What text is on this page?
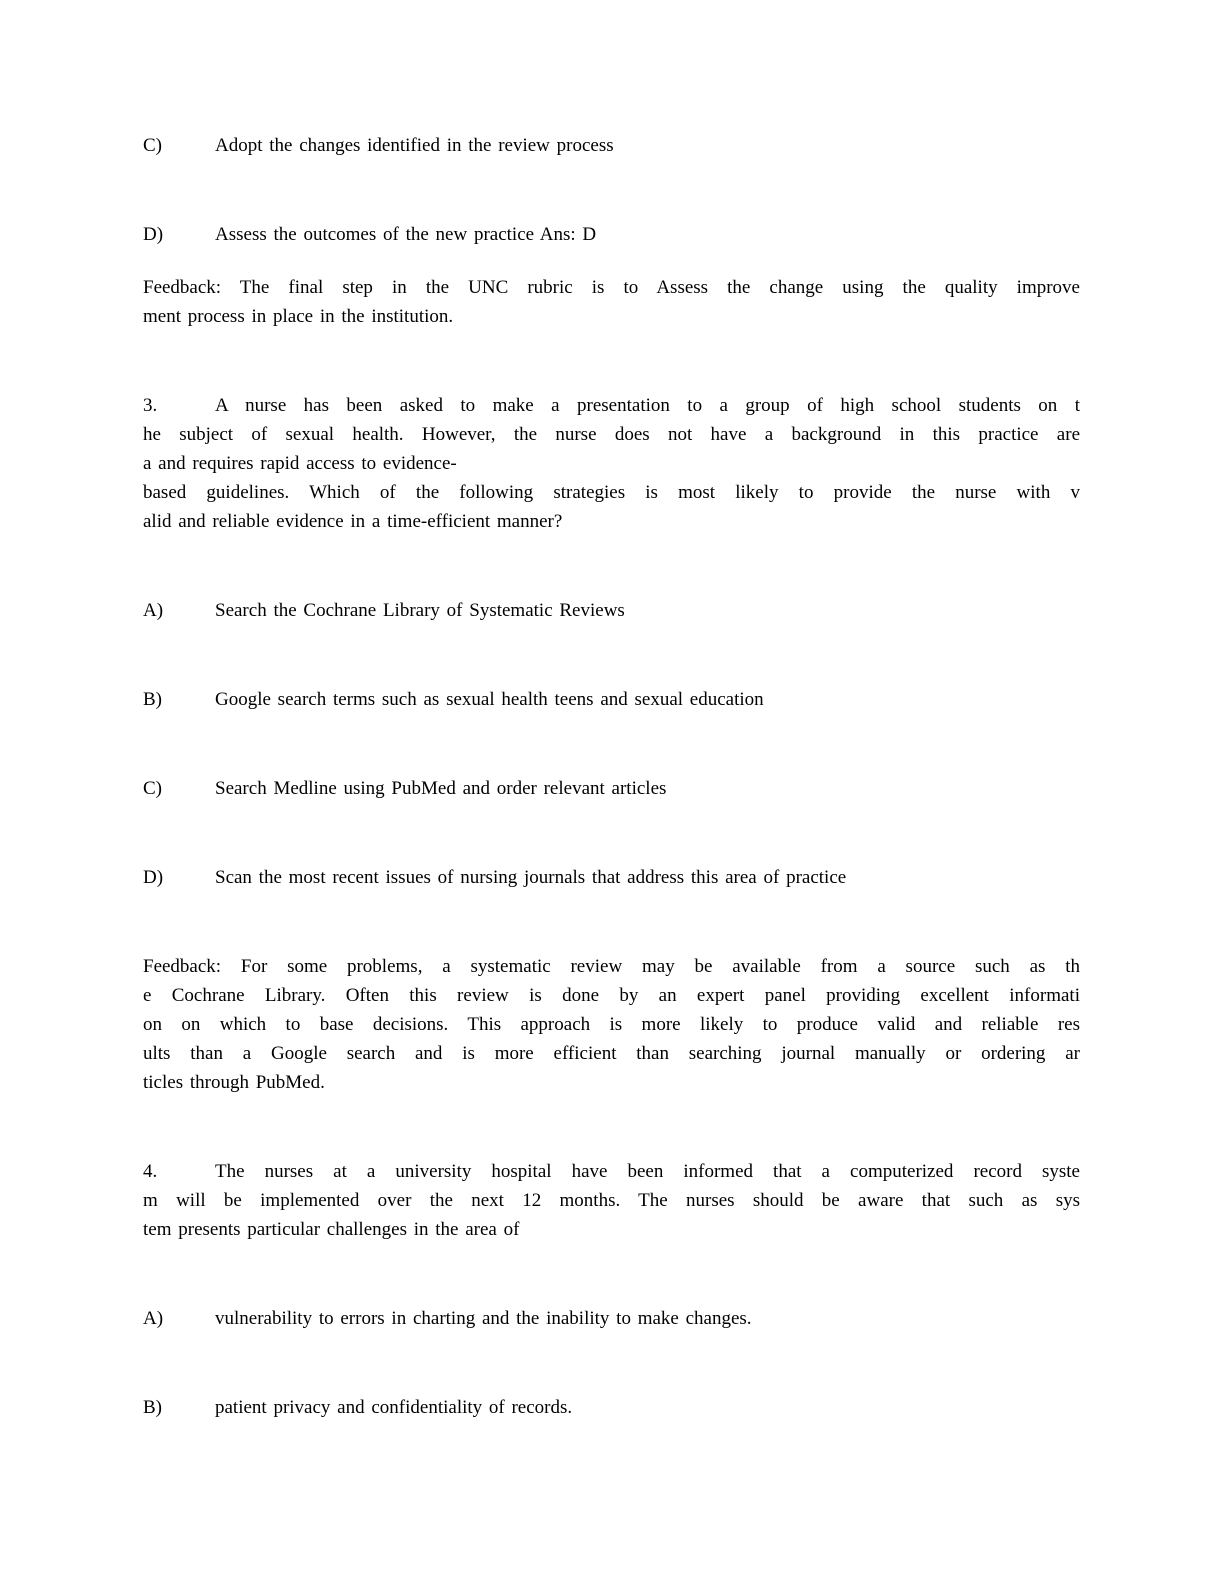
C)	Adopt the changes identified in the review process
D)	Assess the outcomes of the new practice Ans: D
Feedback: The final step in the UNC rubric is to Assess the change using the quality improve
ment process in place in the institution.
3.	A nurse has been asked to make a presentation to a group of high school students on t
he subject of sexual health. However, the nurse does not have a background in this practice are
a and requires rapid access to evidence-
based guidelines. Which of the following strategies is most likely to provide the nurse with v
alid and reliable evidence in a time-efficient manner?
A)	Search the Cochrane Library of Systematic Reviews
B)	Google search terms such as sexual health teens and sexual education
C)	Search Medline using PubMed and order relevant articles
D)	Scan the most recent issues of nursing journals that address this area of practice
Feedback: For some problems, a systematic review may be available from a source such as th
e Cochrane Library. Often this review is done by an expert panel providing excellent informati
on on which to base decisions. This approach is more likely to produce valid and reliable res
ults than a Google search and is more efficient than searching journal manually or ordering ar
ticles through PubMed.
4.	The nurses at a university hospital have been informed that a computerized record syste
m will be implemented over the next 12 months. The nurses should be aware that such as sys
tem presents particular challenges in the area of
A)	vulnerability to errors in charting and the inability to make changes.
B)	patient privacy and confidentiality of records.
